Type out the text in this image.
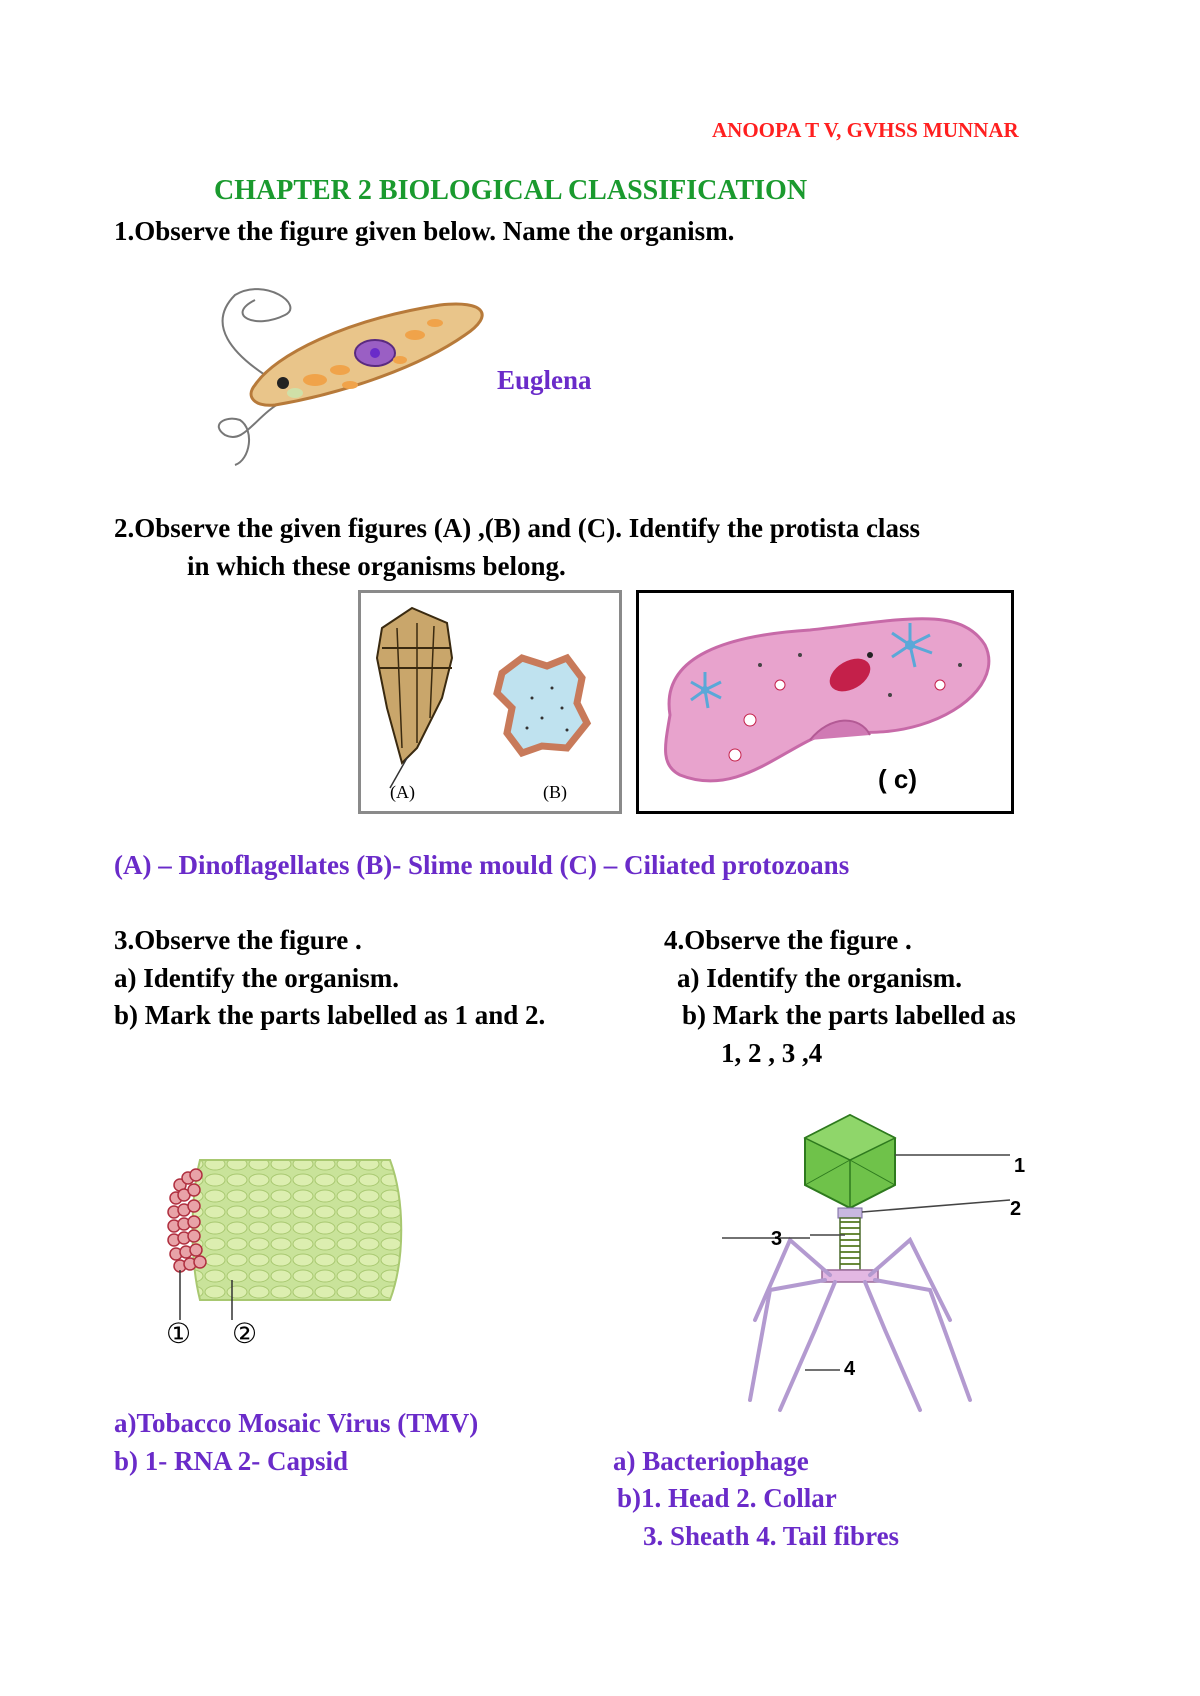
ANOOPA T V, GVHSS MUNNAR
CHAPTER 2 BIOLOGICAL CLASSIFICATION
1.Observe the figure given below. Name the organism.
Euglena
2.Observe the given figures (A) ,(B) and (C). Identify the protista class
in which these organisms belong.
(A)	(B)	( c)
(A) – Dinoflagellates (B)- Slime mould (C) – Ciliated protozoans
3.Observe the figure .
a) Identify the organism.
b) Mark the parts labelled as 1 and 2.
4.Observe the figure .
a) Identify the organism.
b) Mark the parts labelled as
1, 2 , 3 ,4
① ②
1
2
3
4
a)Tobacco Mosaic Virus (TMV)
b) 1- RNA 2- Capsid	a) Bacteriophage
b)1. Head 2. Collar
3. Sheath 4. Tail fibres
